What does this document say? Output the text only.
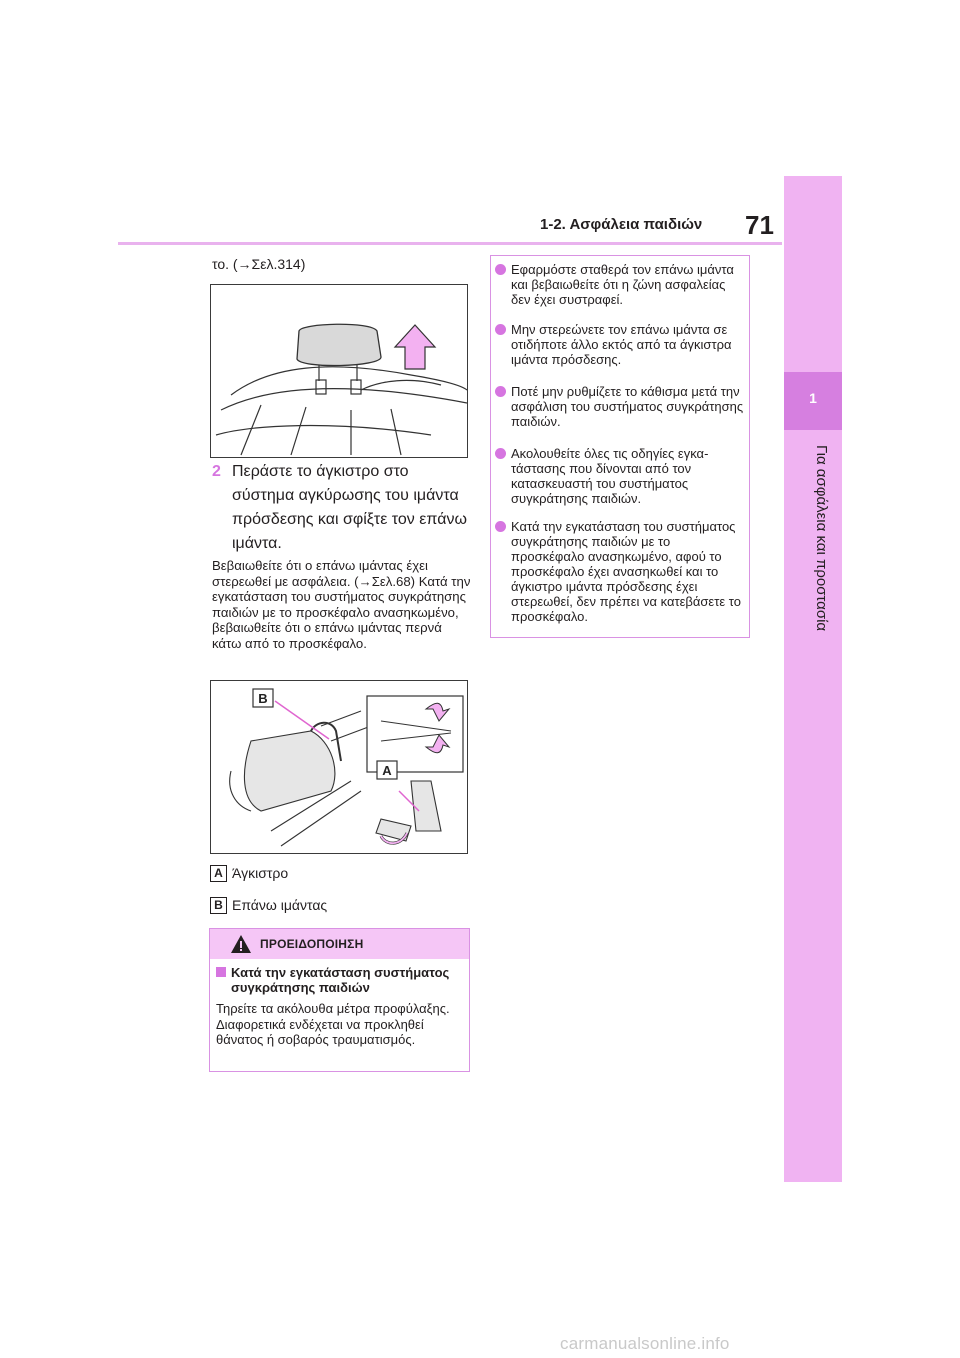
1
Για ασφάλεια και προστασία
1-2. Ασφάλεια παιδιών 71
το. (→Σελ.314)
2 Περάστε το άγκιστρο στο σύστημα αγκύρωσης του ιμάντα πρόσδεσης και σφίξτε τον επάνω ιμάντα.
Βεβαιωθείτε ότι ο επάνω ιμάντας έχει στερεωθεί με ασφάλεια. (→Σελ.68) Κατά την εγκατάσταση του συστήματος συγκράτησης παιδιών με το προσκέφαλο ανασηκωμένο, βεβαιωθείτε ότι ο επάνω ιμάντας περνά κάτω από το προσκέφαλο.
B
A
A Άγκιστρο
B Επάνω ιμάντας
ΠΡΟΕΙΔΟΠΟΙΗΣΗ
Κατά την εγκατάσταση συστήματος συγκράτησης παιδιών
Τηρείτε τα ακόλουθα μέτρα προφύλαξης. Διαφορετικά ενδέχεται να προκληθεί θάνατος ή σοβαρός τραυματισμός.
Εφαρμόστε σταθερά τον επάνω ιμάντα και βεβαιωθείτε ότι η ζώνη ασφαλείας δεν έχει συστραφεί.
Μην στερεώνετε τον επάνω ιμάντα σε οτιδήποτε άλλο εκτός από τα άγκιστρα ιμάντα πρόσδεσης.
Ποτέ μην ρυθμίζετε το κάθισμα μετά την ασφάλιση του συστήματος συγκράτησης παιδιών.
Ακολουθείτε όλες τις οδηγίες εγκατάστασης που δίνονται από τον κατασκευαστή του συστήματος συγκράτησης παιδιών.
Κατά την εγκατάσταση του συστήματος συγκράτησης παιδιών με το προσκέφαλο ανασηκωμένο, αφού το προσκέφαλο έχει ανασηκωθεί και το άγκιστρο ιμάντα πρόσδεσης έχει στερεωθεί, δεν πρέπει να κατεβάσετε το προσκέφαλο.
carmanualsonline.info
